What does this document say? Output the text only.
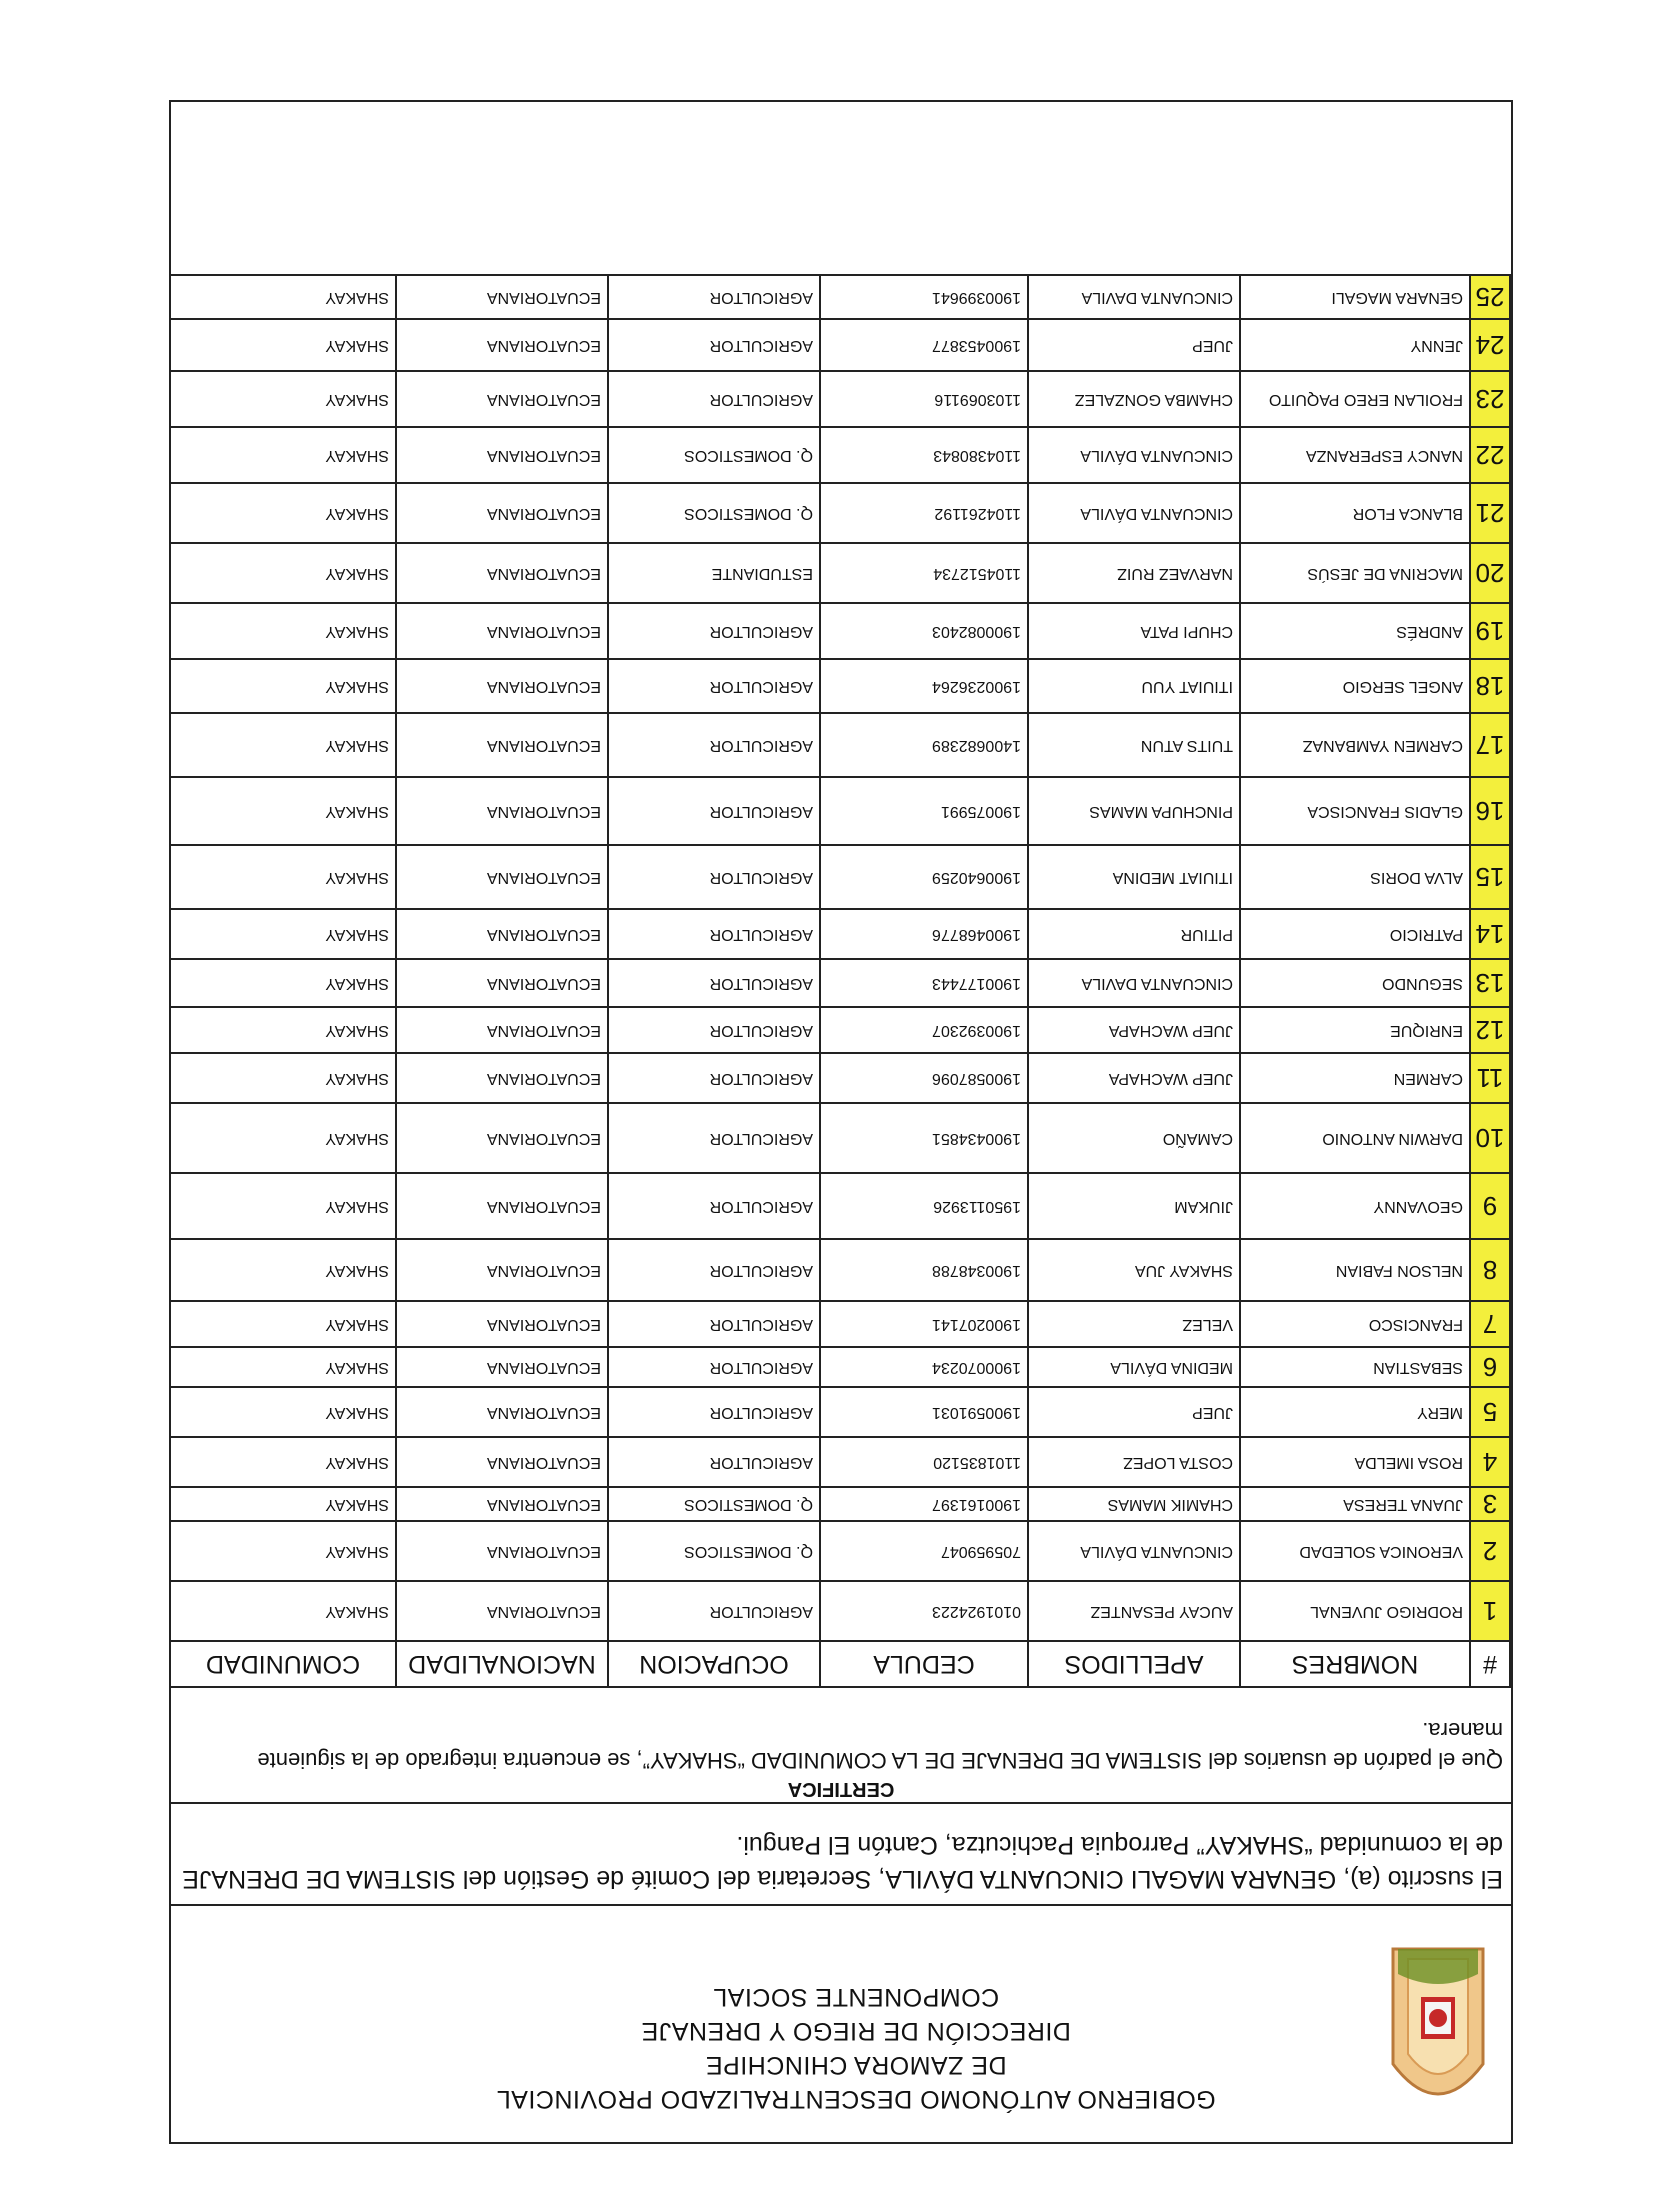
GOBIERNO AUTÓNOMO DESCENTRALIZADO PROVINCIAL
DE ZAMORA CHINCHIPE
DIRECCIÓN DE RIEGO Y DRENAJE
COMPONENTE SOCIAL

El suscrito (a), GENARA MAGALI CINCUANTA DÁVILA, Secretaria del Comité de Gestión del SISTEMA DE DRENAJE de la comunidad “SHAKAY” Parroquia Pachicutza, Cantón El Pangui.

CERTIFICA

Que el padrón de usuarios del SISTEMA DE DRENAJE DE LA COMUNIDAD “SHAKAY”, se encuentra integrado de la siguiente manera.

#	NOMBRES	APELLIDOS	CEDULA	OCUPACION	NACIONALIDAD	COMUNIDAD
1	RODRIGO JUVENAL	AUCAY PESANTEZ	0101924223	AGRICULTOR	ECUATORIANA	SHAKAY
2	VERONICA SOLEDAD	CINCUANTA DÁVILA	705959047	Q. DOMESTICOS	ECUATORIANA	SHAKAY
3	JUANA TERESA	CHAMIK MAMAS	1900161397	Q. DOMESTICOS	ECUATORIANA	SHAKAY
4	ROSA IMELDA	COSTA LOPEZ	1101835120	AGRICULTOR	ECUATORIANA	SHAKAY
5	MERY	JUEP	1900591031	AGRICULTOR	ECUATORIANA	SHAKAY
6	SEBASTIAN	MEDINA DÁVILA	1900070234	AGRICULTOR	ECUATORIANA	SHAKAY
7	FRANCISCO	VELEZ	1900207141	AGRICULTOR	ECUATORIANA	SHAKAY
8	NELSON FABIAN	SHAKAY JUA	1900348788	AGRICULTOR	ECUATORIANA	SHAKAY
9	GEOVANNY	JIUKAM	1950113926	AGRICULTOR	ECUATORIANA	SHAKAY
10	DARWIN ANTONIO	CAMAÑO	1900434851	AGRICULTOR	ECUATORIANA	SHAKAY
11	CARMEN	JUEP WACHAPA	1900587096	AGRICULTOR	ECUATORIANA	SHAKAY
12	ENRIQUE	JUEP WACHAPA	1900392307	AGRICULTOR	ECUATORIANA	SHAKAY
13	SEGUNDO	CINCUANTA DAVILA	1900177443	AGRICULTOR	ECUATORIANA	SHAKAY
14	PATRICIO	PITIUR	1900468776	AGRICULTOR	ECUATORIANA	SHAKAY
15	ALVA DORIS	ITIUIAT MEDINA	1900640259	AGRICULTOR	ECUATORIANA	SHAKAY
16	GLADIS FRANCISCA	PINCHUPA MAMAS	190075991	AGRICULTOR	ECUATORIANA	SHAKAY
17	CARMEN YAMBANAZ	TUITS ATUN	1400682389	AGRICULTOR	ECUATORIANA	SHAKAY
18	ANGEL SERGIO	ITIUIAT YUU	1900236264	AGRICULTOR	ECUATORIANA	SHAKAY
19	ANDRÉS	CHUPI PATA	1900082403	AGRICULTOR	ECUATORIANA	SHAKAY
20	MACRINA DE JESÚS	NARVAEZ RUIZ	1104512734	ESTUDIANTE	ECUATORIANA	SHAKAY
21	BLANCA FLOR	CINCUANTA DÁVILA	1104261192	Q. DOMESTICOS	ECUATORIANA	SHAKAY
22	NANCY ESPERANZA	CINCUANTA DÁVILA	1104380843	Q. DOMESTICOS	ECUATORIANA	SHAKAY
23	FROILAN EREO PAQUITO	CHAMBA GONZALEZ	1103069116	AGRICULTOR	ECUATORIANA	SHAKAY
24	JENNY	JUEP	1900453877	AGRICULTOR	ECUATORIANA	SHAKAY
25	GENARA MAGALI	CINCUANTA DAVILA	1900399641	AGRICULTOR	ECUATORIANA	SHAKAY
